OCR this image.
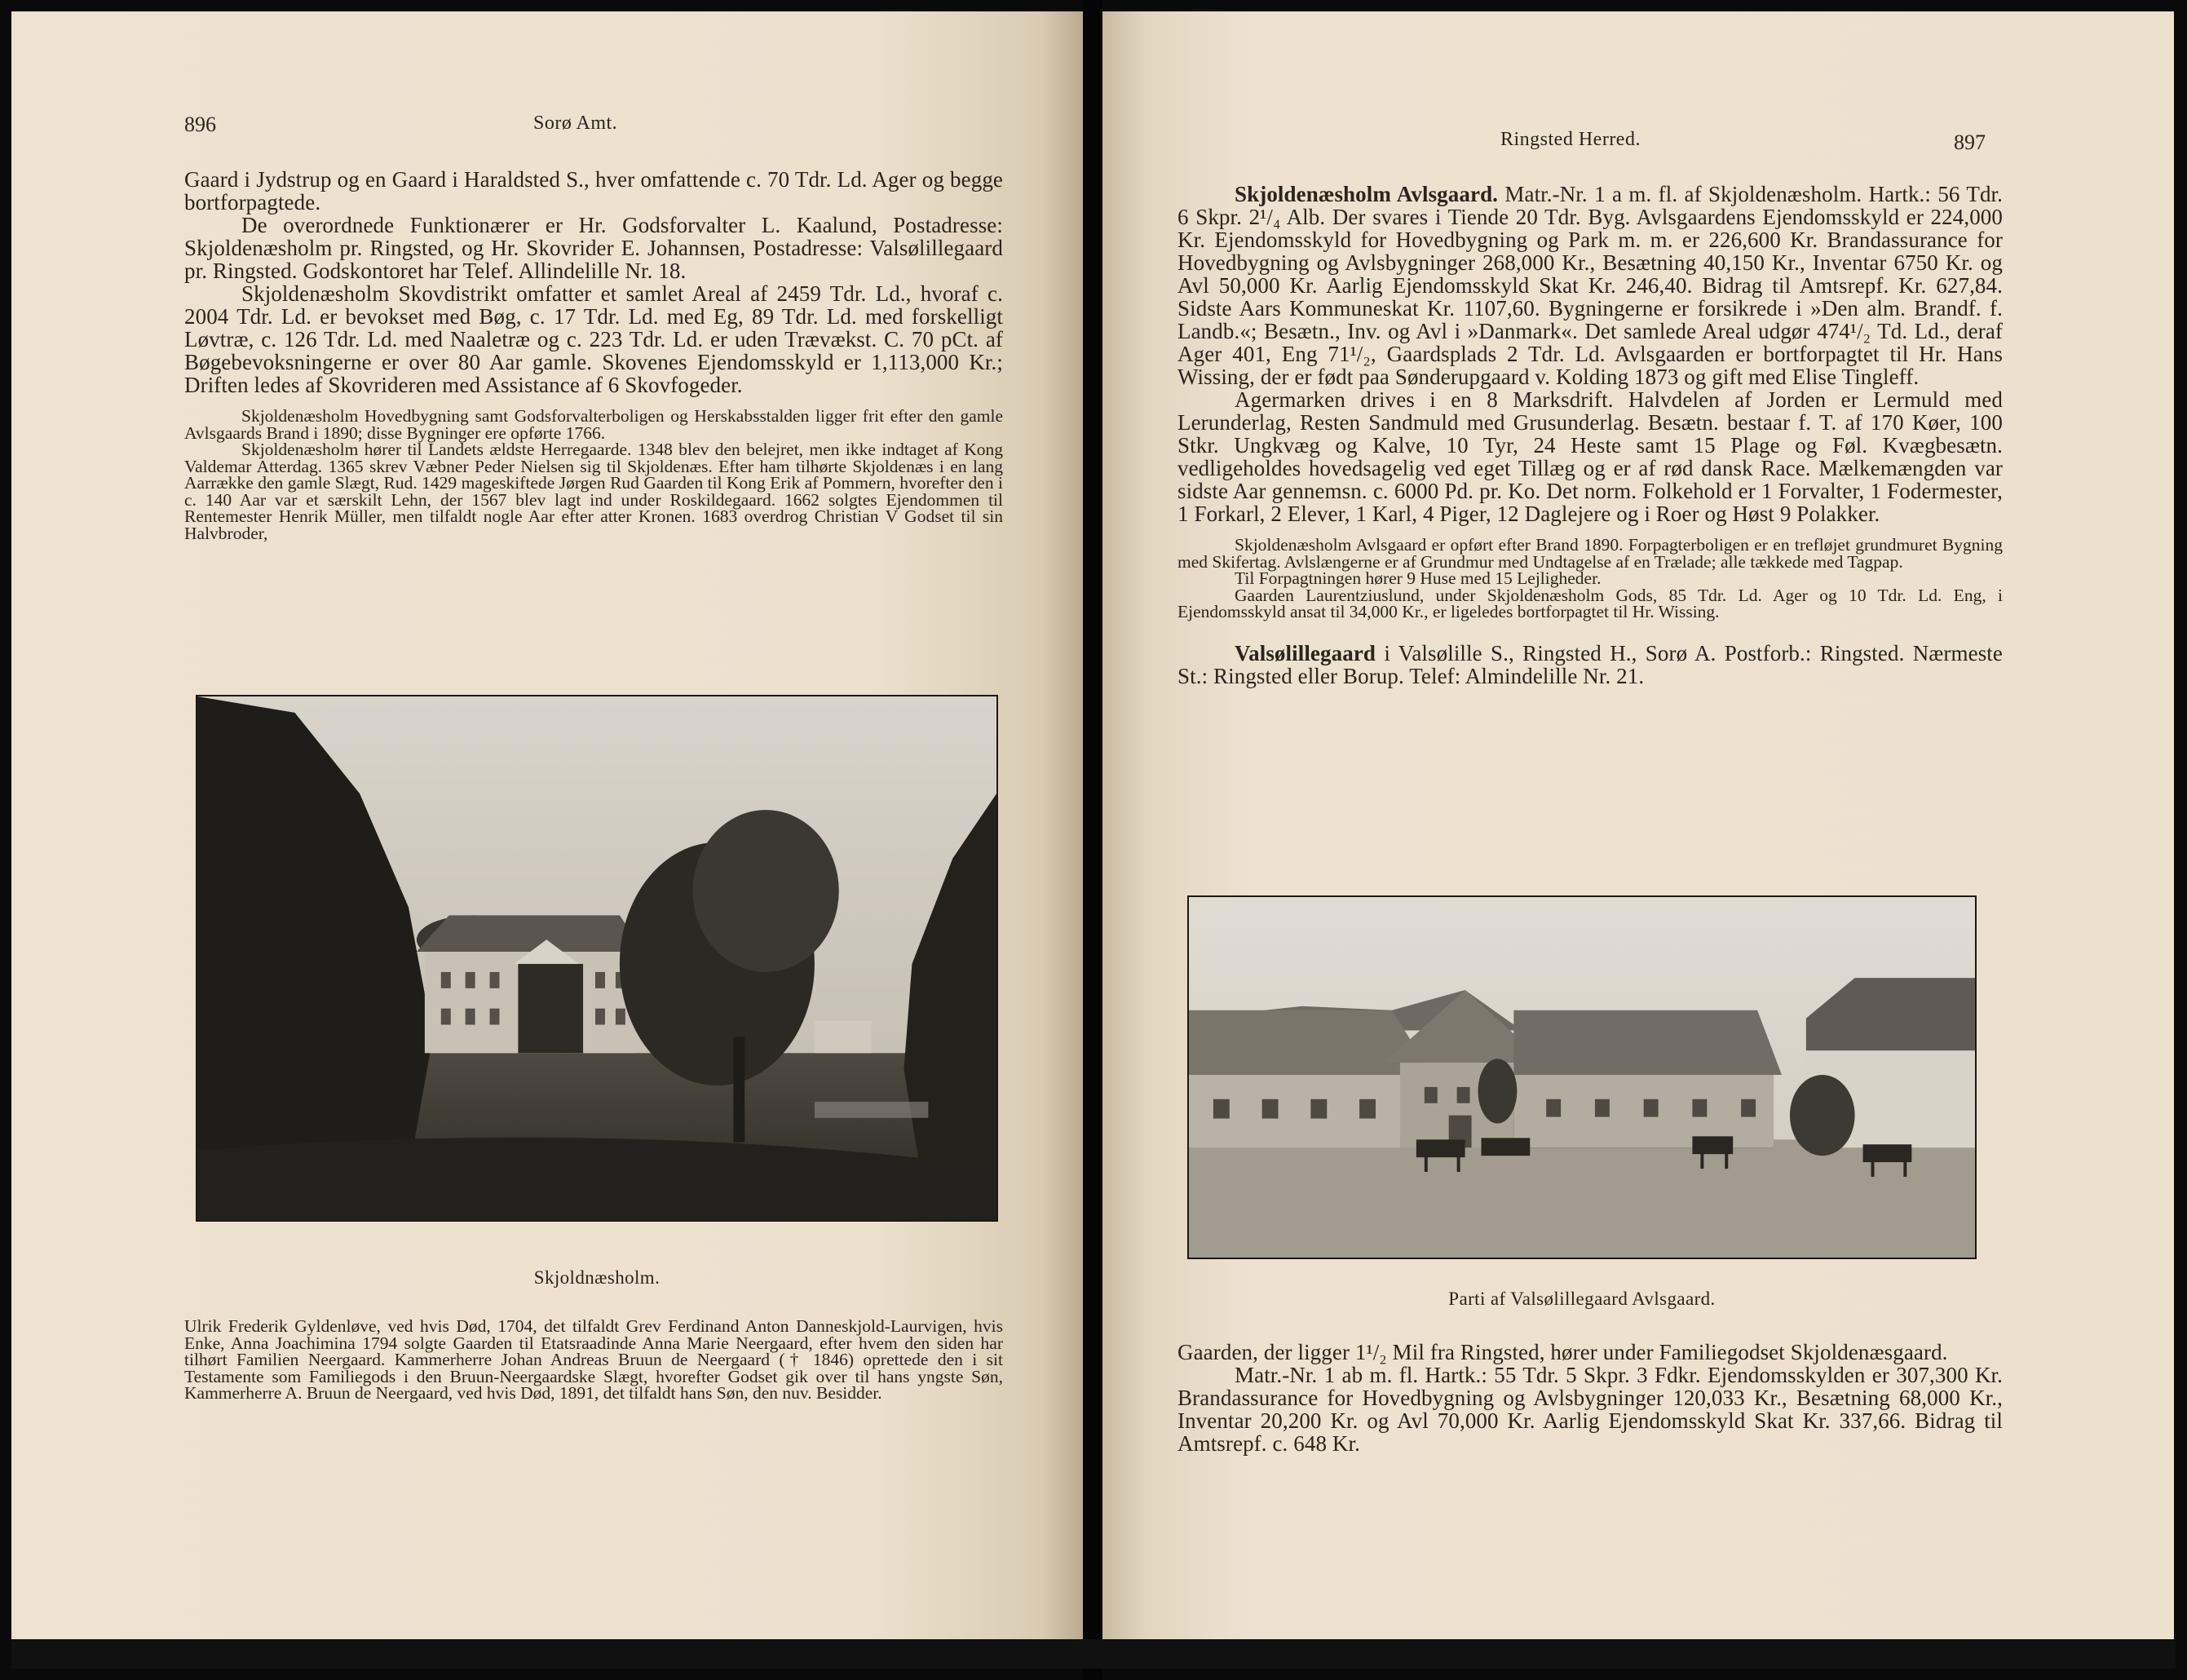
896	Sorø Amt.

Gaard i Jydstrup og en Gaard i Haraldsted S., hver omfattende c. 70 Tdr. Ld. Ager og begge bortforpagtede.

De overordnede Funktionærer er Hr. Godsforvalter L. Kaalund, Postadresse: Skjoldenæsholm pr. Ringsted, og Hr. Skovrider E. Johannsen, Postadresse: Valsølillegaard pr. Ringsted. Godskontoret har Telef. Allindelille Nr. 18.

Skjoldenæsholm Skovdistrikt omfatter et samlet Areal af 2459 Tdr. Ld., hvoraf c. 2004 Tdr. Ld. er bevokset med Bøg, c. 17 Tdr. Ld. med Eg, 89 Tdr. Ld. med forskelligt Løvtræ, c. 126 Tdr. Ld. med Naaletræ og c. 223 Tdr. Ld. er uden Trævækst. C. 70 pCt. af Bøgebevoksningerne er over 80 Aar gamle. Skovenes Ejendomsskyld er 1,113,000 Kr.; Driften ledes af Skovrideren med Assistance af 6 Skovfogeder.

Skjoldenæsholm Hovedbygning samt Godsforvalterboligen og Herskabsstalden ligger frit efter den gamle Avlsgaards Brand i 1890; disse Bygninger ere opførte 1766.

Skjoldenæsholm hører til Landets ældste Herregaarde. 1348 blev den belejret, men ikke indtaget af Kong Valdemar Atterdag. 1365 skrev Væbner Peder Nielsen sig til Skjoldenæs. Efter ham tilhørte Skjoldenæs i en lang Aarrække den gamle Slægt, Rud. 1429 mageskiftede Jørgen Rud Gaarden til Kong Erik af Pommern, hvorefter den i c. 140 Aar var et særskilt Lehn, der 1567 blev lagt ind under Roskildegaard. 1662 solgtes Ejendommen til Rentemester Henrik Müller, men tilfaldt nogle Aar efter atter Kronen. 1683 overdrog Christian V Godset til sin Halvbroder,

Skjoldnæsholm.

Ulrik Frederik Gyldenløve, ved hvis Død, 1704, det tilfaldt Grev Ferdinand Anton Danneskjold-Laurvigen, hvis Enke, Anna Joachimina 1794 solgte Gaarden til Etatsraadinde Anna Marie Neergaard, efter hvem den siden har tilhørt Familien Neergaard. Kammerherre Johan Andreas Bruun de Neergaard († 1846) oprettede den i sit Testamente som Familiegods i den Bruun-Neergaardske Slægt, hvorefter Godset gik over til hans yngste Søn, Kammerherre A. Bruun de Neergaard, ved hvis Død, 1891, det tilfaldt hans Søn, den nuv. Besidder.

Ringsted Herred.	897

Skjoldenæsholm Avlsgaard. Matr.-Nr. 1 a m. fl. af Skjoldenæsholm. Hartk.: 56 Tdr. 6 Skpr. 2¹/₄ Alb. Der svares i Tiende 20 Tdr. Byg. Avlsgaardens Ejendomsskyld er 224,000 Kr. Ejendomsskyld for Hovedbygning og Park m. m. er 226,600 Kr. Brandassurance for Hovedbygning og Avlsbygninger 268,000 Kr., Besætning 40,150 Kr., Inventar 6750 Kr. og Avl 50,000 Kr. Aarlig Ejendomsskyld Skat Kr. 246,40. Bidrag til Amtsrepf. Kr. 627,84. Sidste Aars Kommuneskat Kr. 1107,60. Bygningerne er forsikrede i »Den alm. Brandf. f. Landb.«; Besætn., Inv. og Avl i »Danmark«. Det samlede Areal udgør 474¹/₂ Td. Ld., deraf Ager 401, Eng 71¹/₂, Gaardsplads 2 Tdr. Ld. Avlsgaarden er bortforpagtet til Hr. Hans Wissing, der er født paa Sønderupgaard v. Kolding 1873 og gift med Elise Tingleff.

Agermarken drives i en 8 Marksdrift. Halvdelen af Jorden er Lermuld med Lerunderlag, Resten Sandmuld med Grusunderlag. Besætn. bestaar f. T. af 170 Køer, 100 Stkr. Ungkvæg og Kalve, 10 Tyr, 24 Heste samt 15 Plage og Føl. Kvægbesætn. vedligeholdes hovedsagelig ved eget Tillæg og er af rød dansk Race. Mælkemængden var sidste Aar gennemsn. c. 6000 Pd. pr. Ko. Det norm. Folkehold er 1 Forvalter, 1 Fodermester, 1 Forkarl, 2 Elever, 1 Karl, 4 Piger, 12 Daglejere og i Roer og Høst 9 Polakker.

Skjoldenæsholm Avlsgaard er opført efter Brand 1890. Forpagterboligen er en trefløjet grundmuret Bygning med Skifertag. Avlslængerne er af Grundmur med Undtagelse af en Trælade; alle tækkede med Tagpap.

Til Forpagtningen hører 9 Huse med 15 Lejligheder.

Gaarden Laurentziuslund, under Skjoldenæsholm Gods, 85 Tdr. Ld. Ager og 10 Tdr. Ld. Eng, i Ejendomsskyld ansat til 34,000 Kr., er ligeledes bortforpagtet til Hr. Wissing.

Valsølillegaard i Valsølille S., Ringsted H., Sorø A. Postforb.: Ringsted. Nærmeste St.: Ringsted eller Borup. Telef: Almindelille Nr. 21.

Parti af Valsølillegaard Avlsgaard.

Gaarden, der ligger 1¹/₂ Mil fra Ringsted, hører under Familiegodset Skjoldenæsgaard.

Matr.-Nr. 1 ab m. fl. Hartk.: 55 Tdr. 5 Skpr. 3 Fdkr. Ejendomsskylden er 307,300 Kr. Brandassurance for Hovedbygning og Avlsbygninger 120,033 Kr., Besætning 68,000 Kr., Inventar 20,200 Kr. og Avl 70,000 Kr. Aarlig Ejendomsskyld Skat Kr. 337,66. Bidrag til Amtsrepf. c. 648 Kr.
